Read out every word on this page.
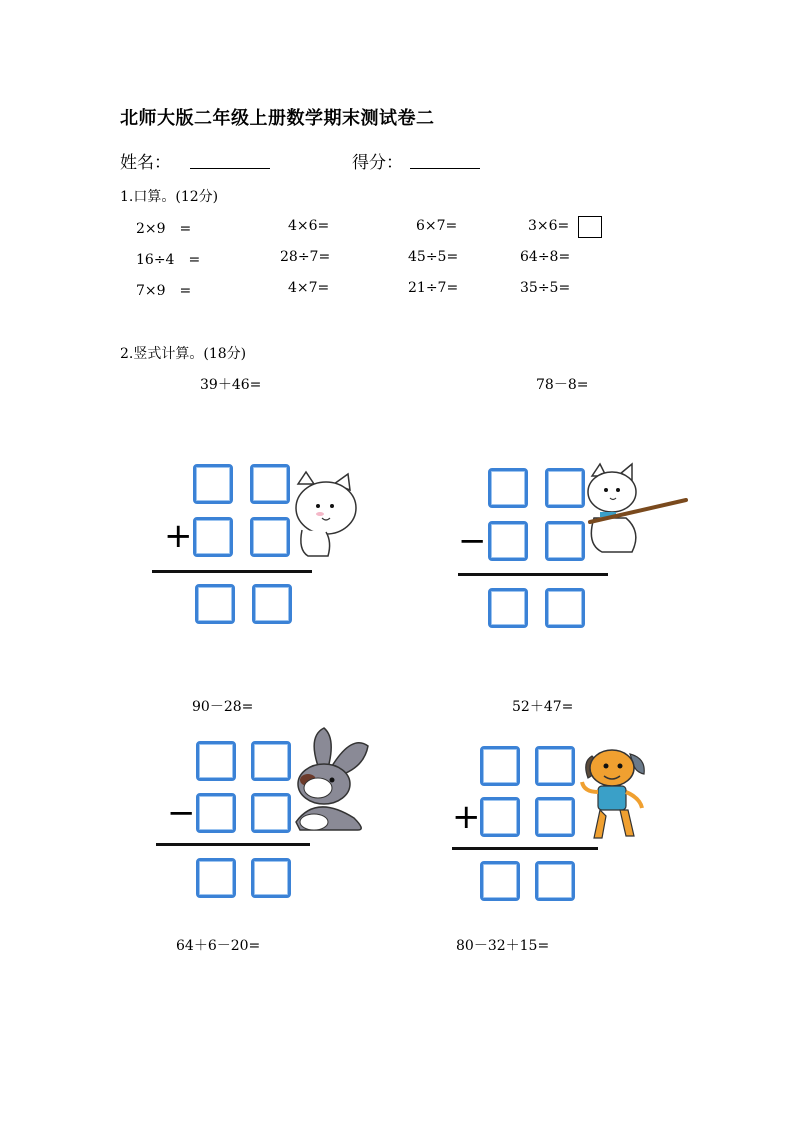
北师大版二年级上册数学期末测试卷二
姓名：	得分：
1.口算。(12分)
2×9　=	4×6=	6×7=	3×6=
16÷4　=	28÷7=	45÷5=	64÷8=
7×9　=	4×7=	21÷7=	35÷5=
2.竖式计算。(18分)
39＋46=	78－8=
+	−
90－28=	52＋47=
−	+
64＋6－20=	80－32＋15=
